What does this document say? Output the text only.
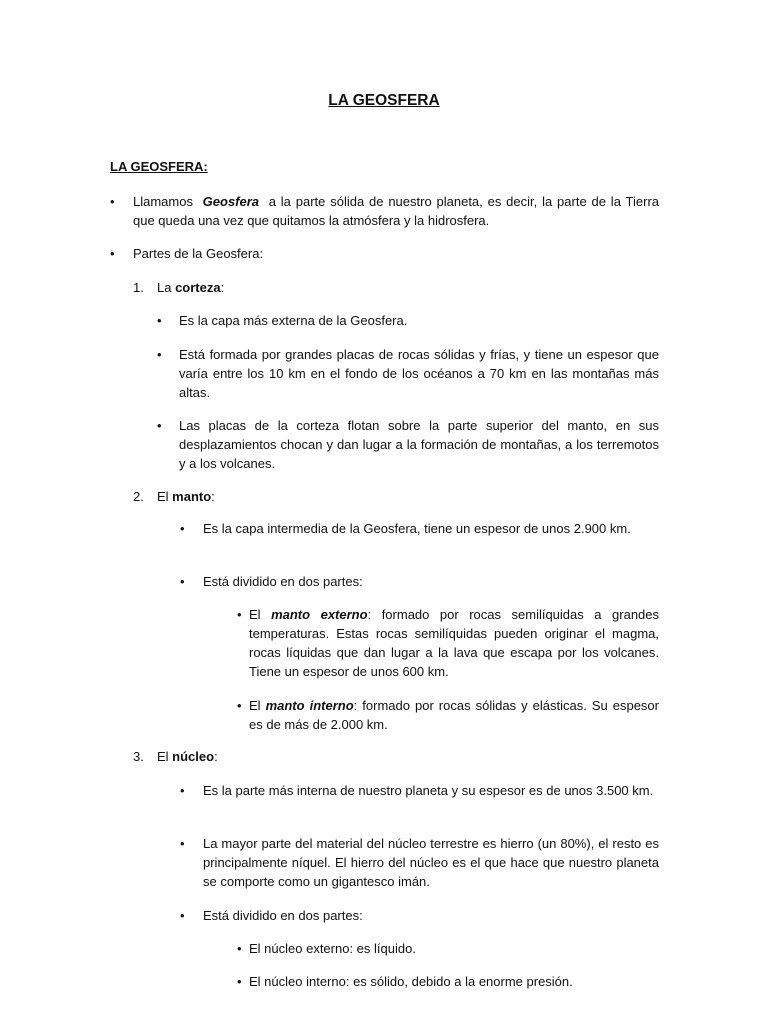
LA GEOSFERA
LA GEOSFERA:
• Llamamos Geosfera a la parte sólida de nuestro planeta, es decir, la parte de la Tierra que queda una vez que quitamos la atmósfera y la hidrosfera.
• Partes de la Geosfera:
1. La corteza:
• Es la capa más externa de la Geosfera.
• Está formada por grandes placas de rocas sólidas y frías, y tiene un espesor que varía entre los 10 km en el fondo de los océanos a 70 km en las montañas más altas.
• Las placas de la corteza flotan sobre la parte superior del manto, en sus desplazamientos chocan y dan lugar a la formación de montañas, a los terremotos y a los volcanes.
2. El manto:
• Es la capa intermedia de la Geosfera, tiene un espesor de unos 2.900 km.
• Está dividido en dos partes:
• El manto externo: formado por rocas semilíquidas a grandes temperaturas. Estas rocas semilíquidas pueden originar el magma, rocas líquidas que dan lugar a la lava que escapa por los volcanes. Tiene un espesor de unos 600 km.
• El manto interno: formado por rocas sólidas y elásticas. Su espesor es de más de 2.000 km.
3. El núcleo:
• Es la parte más interna de nuestro planeta y su espesor es de unos 3.500 km.
• La mayor parte del material del núcleo terrestre es hierro (un 80%), el resto es principalmente níquel. El hierro del núcleo es el que hace que nuestro planeta se comporte como un gigantesco imán.
• Está dividido en dos partes:
• El núcleo externo: es líquido.
• El núcleo interno: es sólido, debido a la enorme presión.
